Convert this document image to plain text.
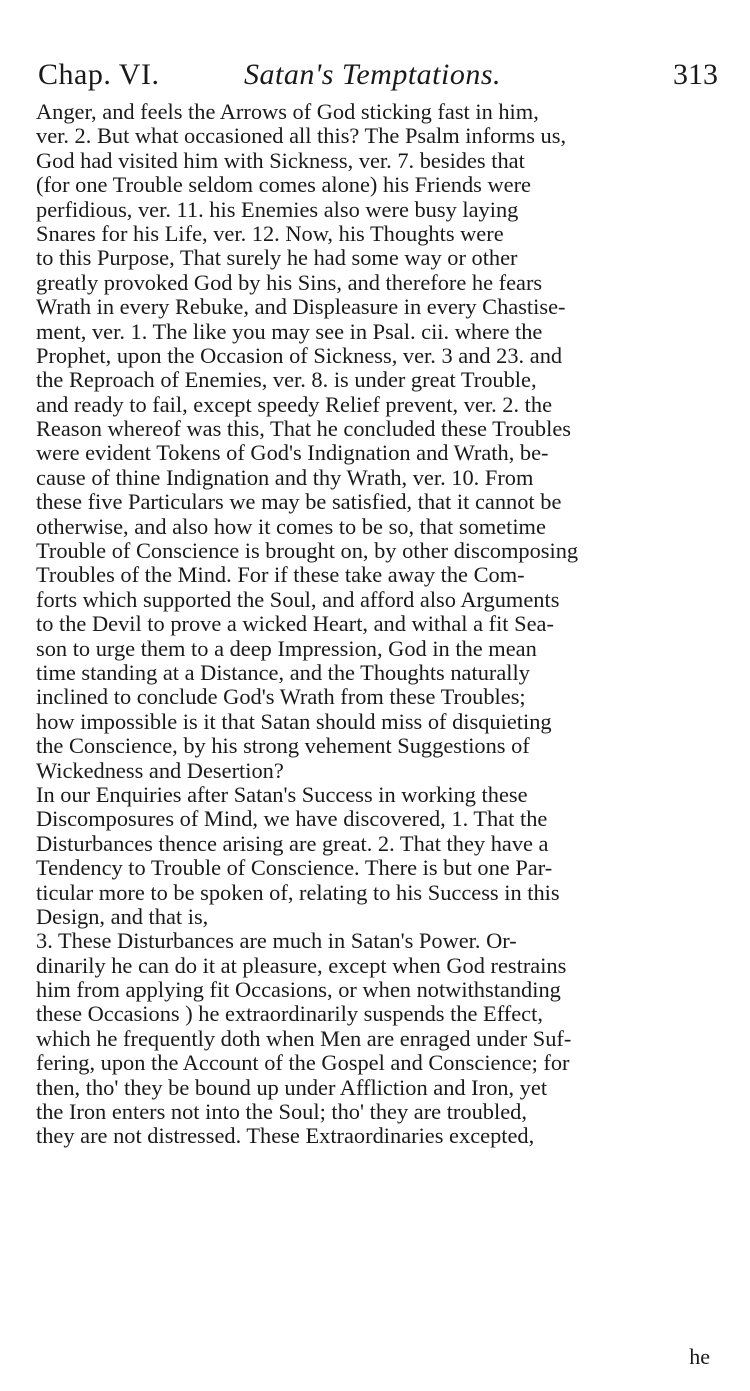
Chap. VI.	Satan's Temptations.	313
Anger, and feels the Arrows of God sticking fast in him,
ver. 2. But what occasioned all this? The Psalm informs us,
God had visited him with Sickness, ver. 7. besides that
(for one Trouble seldom comes alone) his Friends were
perfidious, ver. 11. his Enemies also were busy laying
Snares for his Life, ver. 12. Now, his Thoughts were
to this Purpose, That surely he had some way or other
greatly provoked God by his Sins, and therefore he fears
Wrath in every Rebuke, and Displeasure in every Chastise-
ment, ver. 1. The like you may see in Psal. cii. where the
Prophet, upon the Occasion of Sickness, ver. 3 and 23. and
the Reproach of Enemies, ver. 8. is under great Trouble,
and ready to fail, except speedy Relief prevent, ver. 2. the
Reason whereof was this, That he concluded these Troubles
were evident Tokens of God's Indignation and Wrath, be-
cause of thine Indignation and thy Wrath, ver. 10. From
these five Particulars we may be satisfied, that it cannot be
otherwise, and also how it comes to be so, that sometime
Trouble of Conscience is brought on, by other discomposing
Troubles of the Mind. For if these take away the Com-
forts which supported the Soul, and afford also Arguments
to the Devil to prove a wicked Heart, and withal a fit Sea-
son to urge them to a deep Impression, God in the mean
time standing at a Distance, and the Thoughts naturally
inclined to conclude God's Wrath from these Troubles;
how impossible is it that Satan should miss of disquieting
the Conscience, by his strong vehement Suggestions of
Wickedness and Desertion?
In our Enquiries after Satan's Success in working these
Discomposures of Mind, we have discovered, 1. That the
Disturbances thence arising are great. 2. That they have a
Tendency to Trouble of Conscience. There is but one Par-
ticular more to be spoken of, relating to his Success in this
Design, and that is,
3. These Disturbances are much in Satan's Power. Or-
dinarily he can do it at pleasure, except when God restrains
him from applying fit Occasions, or when notwithstanding
these Occasions ) he extraordinarily suspends the Effect,
which he frequently doth when Men are enraged under Suf-
fering, upon the Account of the Gospel and Conscience; for
then, tho' they be bound up under Affliction and Iron, yet
the Iron enters not into the Soul; tho' they are troubled,
they are not distressed. These Extraordinaries excepted,
he
